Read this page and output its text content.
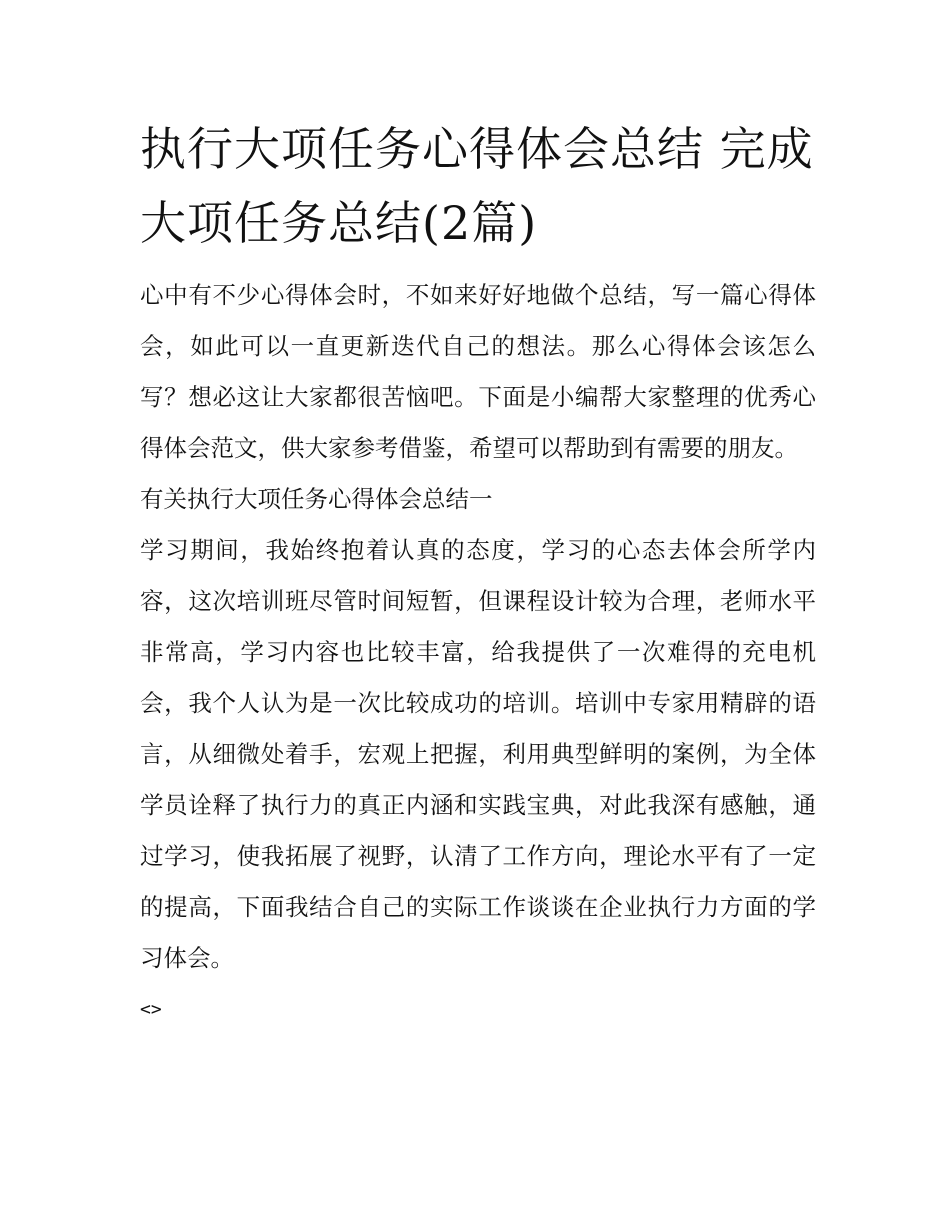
执行大项任务心得体会总结 完成大项任务总结(2篇)

心中有不少心得体会时，不如来好好地做个总结，写一篇心得体会，如此可以一直更新迭代自己的想法。那么心得体会该怎么写？想必这让大家都很苦恼吧。下面是小编帮大家整理的优秀心得体会范文，供大家参考借鉴，希望可以帮助到有需要的朋友。

有关执行大项任务心得体会总结一

学习期间，我始终抱着认真的态度，学习的心态去体会所学内容，这次培训班尽管时间短暂，但课程设计较为合理，老师水平非常高，学习内容也比较丰富，给我提供了一次难得的充电机会，我个人认为是一次比较成功的培训。培训中专家用精辟的语言，从细微处着手，宏观上把握，利用典型鲜明的案例，为全体学员诠释了执行力的真正内涵和实践宝典，对此我深有感触，通过学习，使我拓展了视野，认清了工作方向，理论水平有了一定的提高，下面我结合自己的实际工作谈谈在企业执行力方面的学习体会。

<>
